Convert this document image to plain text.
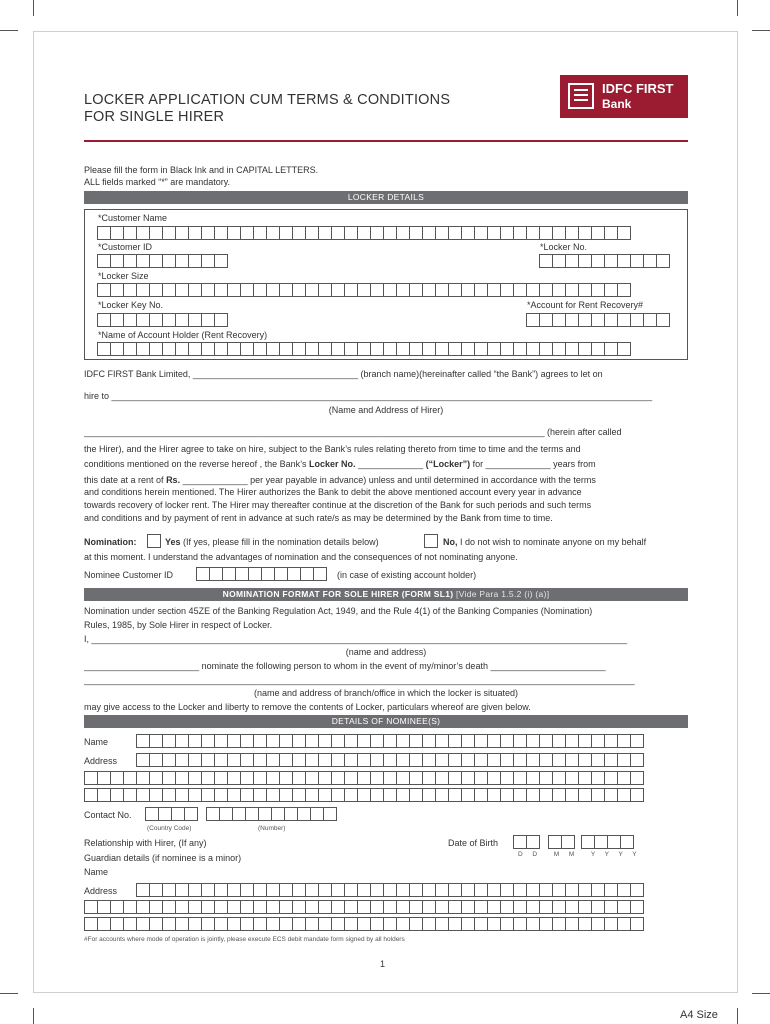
LOCKER APPLICATION CUM TERMS & CONDITIONS
FOR SINGLE HIRER
IDFC FIRST
Bank
Please fill the form in Black Ink and in CAPITAL LETTERS.
ALL fields marked “*” are mandatory.
LOCKER DETAILS
*Customer Name
*Customer ID	*Locker No.
*Locker Size
*Locker Key No.	*Account for Rent Recovery#
*Name of Account Holder (Rent Recovery)
IDFC FIRST Bank Limited, _________________________________ (branch name)(hereinafter called “the Bank”) agrees to let on
hire to ____________________________________________________________________________________________________________
(Name and Address of Hirer)
____________________________________________________________________________________________ (herein after called
the Hirer), and the Hirer agree to take on hire, subject to the Bank’s rules relating thereto from time to time and the terms and
conditions mentioned on the reverse hereof , the Bank’s Locker No. _____________ (“Locker”) for _____________ years from
this date at a rent of Rs. _____________ per year payable in advance) unless and until determined in accordance with the terms
and conditions herein mentioned. The Hirer authorizes the Bank to debit the above mentioned account every year in advance
towards recovery of locker rent. The Hirer may thereafter continue at the discretion of the Bank for such periods and such terms
and conditions and by payment of rent in advance at such rate/s as may be determined by the Bank from time to time.
Nomination:	Yes (If yes, please fill in the nomination details below)	No, I do not wish to nominate anyone on my behalf
at this moment. I understand the advantages of nomination and the consequences of not nominating anyone.
Nominee Customer ID	(in case of existing account holder)
NOMINATION FORMAT FOR SOLE HIRER (FORM SL1) [Vide Para 1.5.2 (i) (a)]
Nomination under section 45ZE of the Banking Regulation Act, 1949, and the Rule 4(1) of the Banking Companies (Nomination)
Rules, 1985, by Sole Hirer in respect of Locker.
I, ___________________________________________________________________________________________________________
(name and address)
_______________________ nominate the following person to whom in the event of my/minor’s death _______________________
______________________________________________________________________________________________________________
(name and address of branch/office in which the locker is situated)
may give access to the Locker and liberty to remove the contents of Locker, particulars whereof are given below.
DETAILS OF NOMINEE(S)
Name
Address
Contact No.
(Country Code)	(Number)
Relationship with Hirer, (If any)	Date of Birth
D    D       M    M       Y    Y    Y    Y
Guardian details (if nominee is a minor)
Name
Address
#For accounts where mode of operation is jointly, please execute ECS debit mandate form signed by all holders
1
A4 Size
